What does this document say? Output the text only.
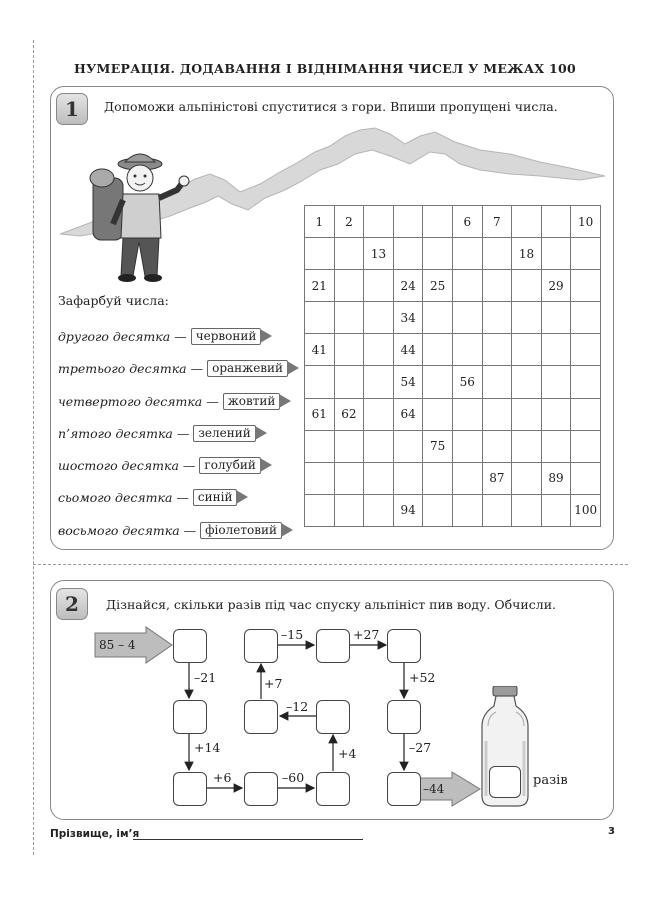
НУМЕРАЦІЯ. ДОДАВАННЯ І ВІДНІМАННЯ ЧИСЕЛ У МЕЖАХ 100
1	Допоможи альпіністові спуститися з гори. Впиши пропущені числа.
1	2				6	7			10
		13					18		
21			24	25				29	
			34						
41			44						
			54		56				
61	62		64						
				75					
						87		89	
			94						100
Зафарбуй числа:
другого десятка — червоний
третього десятка — оранжевий
четвертого десятка — жовтий
п’ятого десятка — зелений
шостого десятка — голубий
сьомого десятка — синій
восьмого десятка — фіолетовий
2	Дізнайся, скільки разів під час спуску альпініст пив воду. Обчисли.
85 – 4
–21
+14
+6	–60
+4
–12
+7
–15	+27
+52
–27
–44
разів
Прізвище, ім’я	3
